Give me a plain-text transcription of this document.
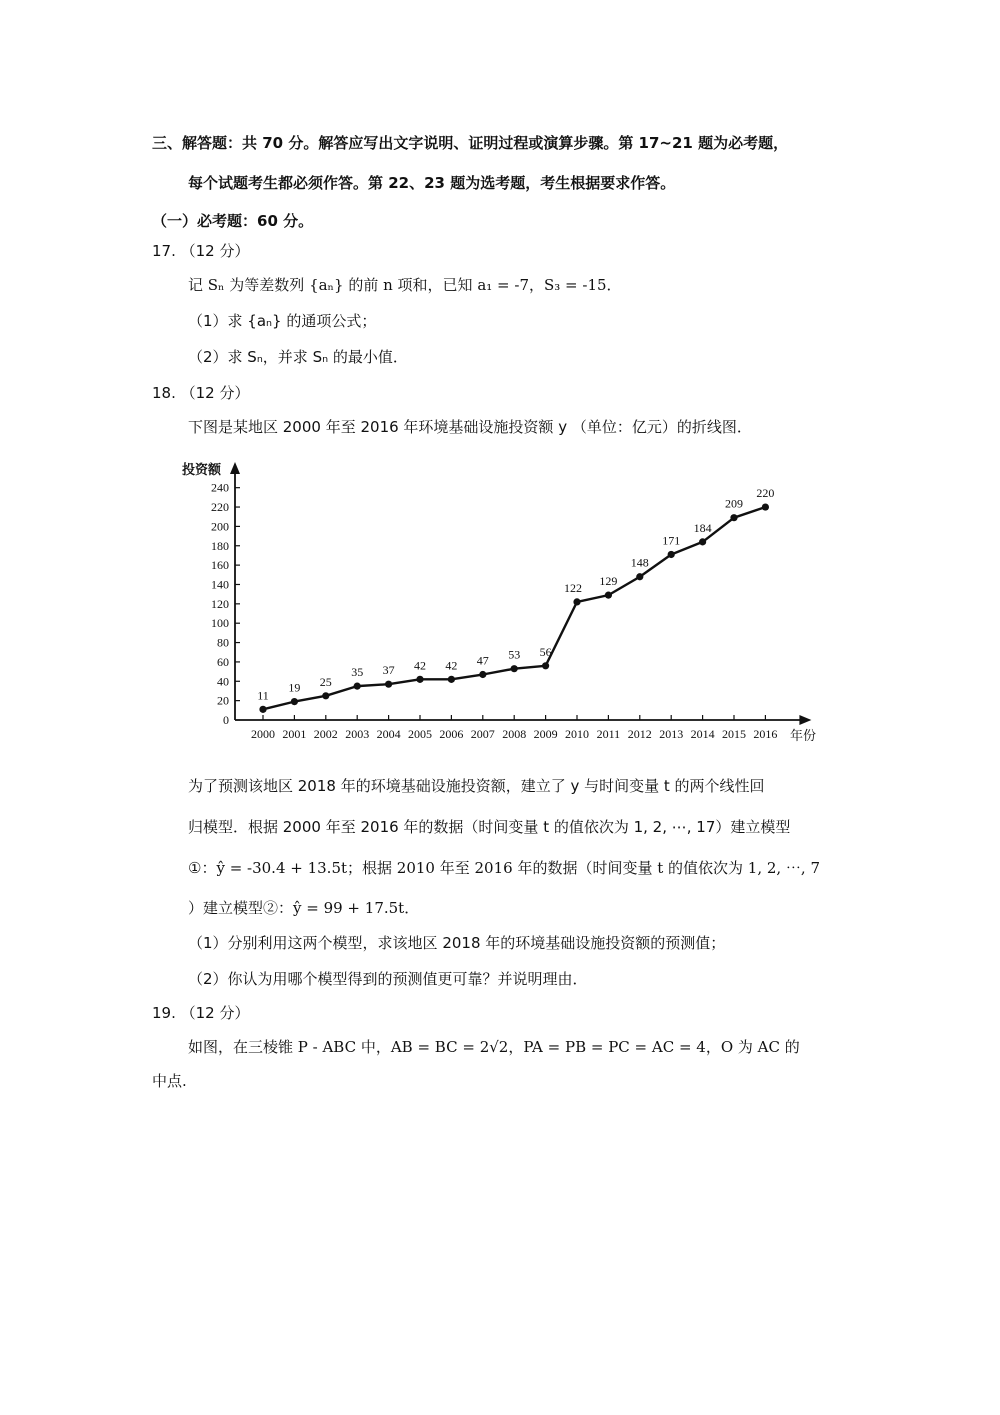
三、解答题：共 70 分。解答应写出文字说明、证明过程或演算步骤。第 17~21 题为必考题，
每个试题考生都必须作答。第 22、23 题为选考题，考生根据要求作答。
（一）必考题：60 分。
17. （12 分）
记 Sₙ 为等差数列 {aₙ} 的前 n 项和，已知 a₁ = -7，S₃ = -15．
（1）求 {aₙ} 的通项公式；
（2）求 Sₙ，并求 Sₙ 的最小值．
18. （12 分）
下图是某地区 2000 年至 2016 年环境基础设施投资额 y （单位：亿元）的折线图．
投资额
年份
0
20
40
60
80
100
120
140
160
180
200
220
240
2000 2001 2002 2003 2004 2005 2006 2007 2008 2009 2010 2011 2012 2013 2014 2015 2016
11
19 25
35 37 42 42 47 53 56
122 129
148
171
184
209
220
为了预测该地区 2018 年的环境基础设施投资额，建立了 y 与时间变量 t 的两个线性回
归模型．根据 2000 年至 2016 年的数据（时间变量 t 的值依次为 1, 2, ⋯, 17）建立模型
①：ŷ = -30.4 + 13.5t；根据 2010 年至 2016 年的数据（时间变量 t 的值依次为 1, 2, ⋯, 7
）建立模型②：ŷ = 99 + 17.5t．
（1）分别利用这两个模型，求该地区 2018 年的环境基础设施投资额的预测值；
（2）你认为用哪个模型得到的预测值更可靠？并说明理由．
19. （12 分）
如图，在三棱锥 P - ABC 中，AB = BC = 2√2，PA = PB = PC = AC = 4，O 为 AC 的
中点.
